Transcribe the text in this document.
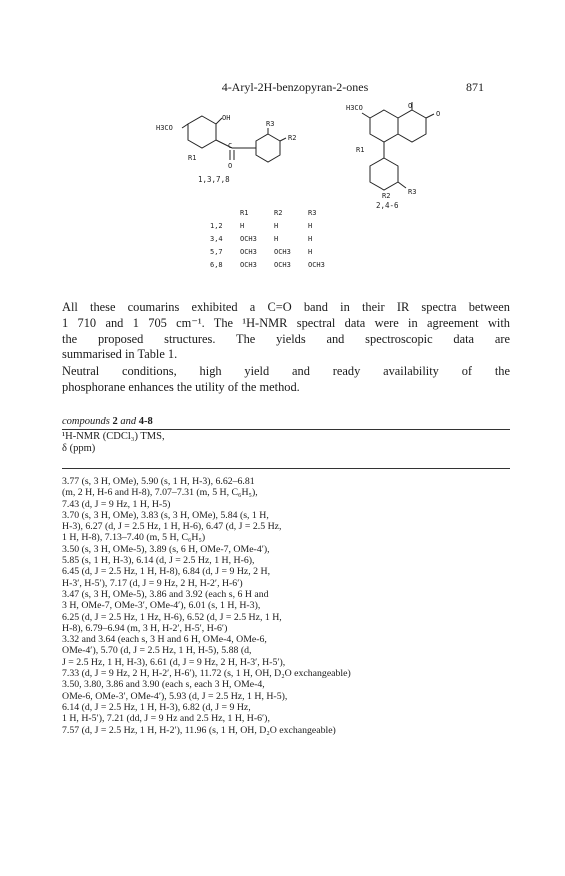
4-Aryl-2H-benzopyran-2-ones	871
H3CO
OH
R1
C
O
R2
R3
1,3,7,8
H3CO	O
O
R1
R2	R3
2,4-6
	R1	R2	R3
1,2	H	H	H
3,4	OCH3	H	H
5,7	OCH3	OCH3	H
6,8	OCH3	OCH3	OCH3

All these coumarins exhibited a C=O band in their IR spectra between
1 710 and 1 705 cm⁻¹. The ¹H-NMR spectral data were in agreement with
the proposed structures. The yields and spectroscopic data are
summarised in Table 1.

Neutral conditions, high yield and ready availability of the
phosphorane enhances the utility of the method.

compounds 2 and 4-8
¹H-NMR (CDCl₃) TMS,
δ (ppm)
3.77 (s, 3 H, OMe), 5.90 (s, 1 H, H-3), 6.62–6.81
(m, 2 H, H-6 and H-8), 7.07–7.31 (m, 5 H, C₆H₅),
7.43 (d, J = 9 Hz, 1 H, H-5)
3.70 (s, 3 H, OMe), 3.83 (s, 3 H, OMe), 5.84 (s, 1 H,
H-3), 6.27 (d, J = 2.5 Hz, 1 H, H-6), 6.47 (d, J = 2.5 Hz,
1 H, H-8), 7.13–7.40 (m, 5 H, C₆H₅)
3.50 (s, 3 H, OMe-5), 3.89 (s, 6 H, OMe-7, OMe-4′),
5.85 (s, 1 H, H-3), 6.14 (d, J = 2.5 Hz, 1 H, H-6),
6.45 (d, J = 2.5 Hz, 1 H, H-8), 6.84 (d, J = 9 Hz, 2 H,
H-3′, H-5′), 7.17 (d, J = 9 Hz, 2 H, H-2′, H-6′)
3.47 (s, 3 H, OMe-5), 3.86 and 3.92 (each s, 6 H and
3 H, OMe-7, OMe-3′, OMe-4′), 6.01 (s, 1 H, H-3),
6.25 (d, J = 2.5 Hz, 1 Hz, H-6), 6.52 (d, J = 2.5 Hz, 1 H,
H-8), 6.79–6.94 (m, 3 H, H-2′, H-5′, H-6′)
3.32 and 3.64 (each s, 3 H and 6 H, OMe-4, OMe-6,
OMe-4′), 5.70 (d, J = 2.5 Hz, 1 H, H-5), 5.88 (d,
J = 2.5 Hz, 1 H, H-3), 6.61 (d, J = 9 Hz, 2 H, H-3′, H-5′),
7.33 (d, J = 9 Hz, 2 H, H-2′, H-6′), 11.72 (s, 1 H, OH, D₂O exchangeable)
3.50, 3.80, 3.86 and 3.90 (each s, each 3 H, OMe-4,
OMe-6, OMe-3′, OMe-4′), 5.93 (d, J = 2.5 Hz, 1 H, H-5),
6.14 (d, J = 2.5 Hz, 1 H, H-3), 6.82 (d, J = 9 Hz,
1 H, H-5′), 7.21 (dd, J = 9 Hz and 2.5 Hz, 1 H, H-6′),
7.57 (d, J = 2.5 Hz, 1 H, H-2′), 11.96 (s, 1 H, OH, D₂O exchangeable)
